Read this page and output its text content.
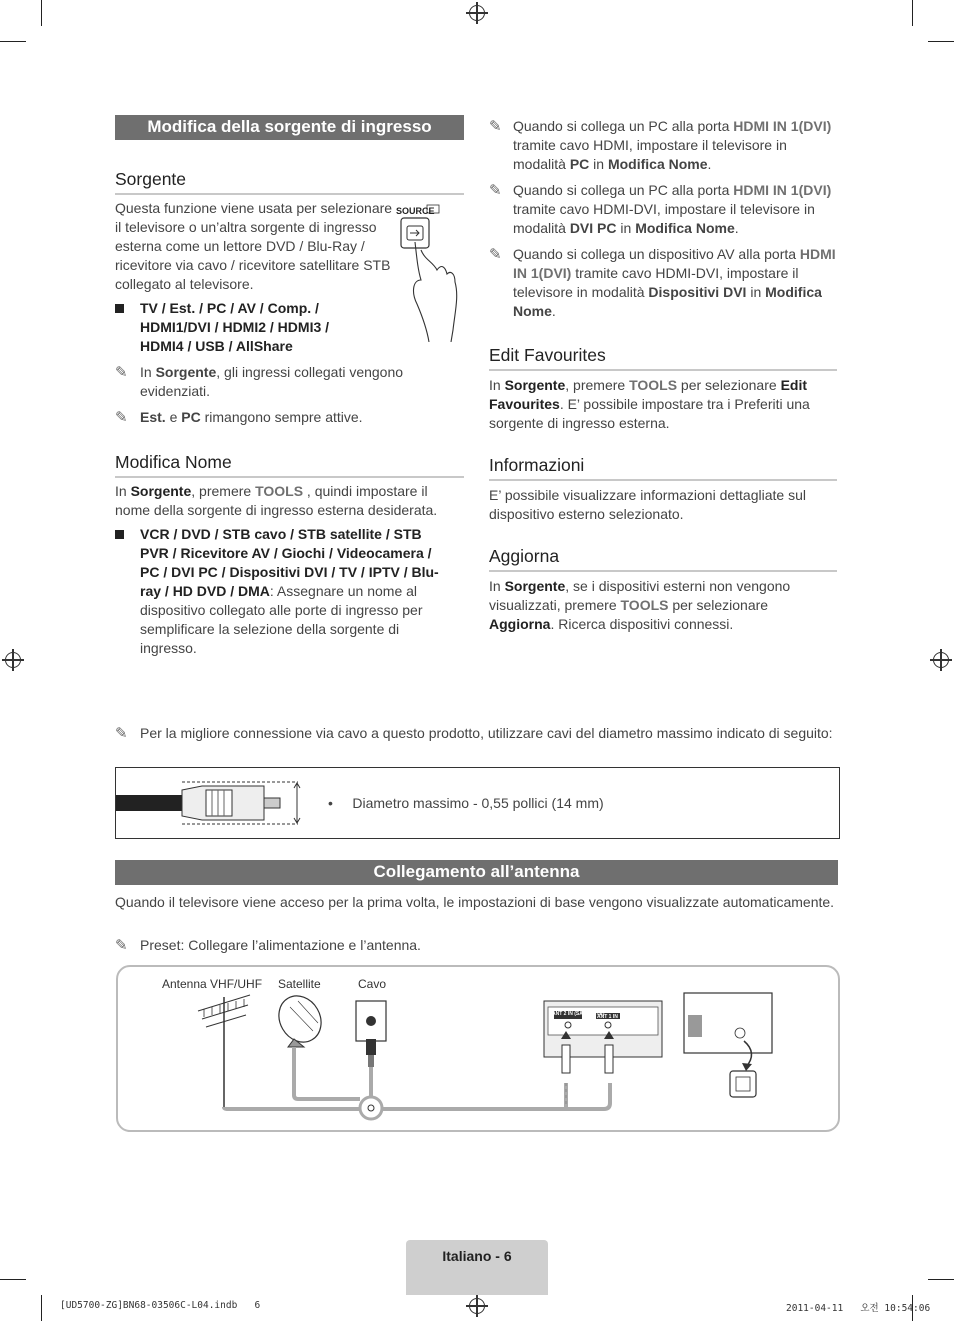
Modifica della sorgente di ingresso
Sorgente
Questa funzione viene usata per selezionare il televisore o un’altra sorgente di ingresso esterna come un lettore DVD / Blu-Ray / ricevitore via cavo / ricevitore satellitare STB collegato al televisore.
SOURCE
TV / Est. / PC / AV / Comp. / HDMI1/DVI / HDMI2 / HDMI3 / HDMI4 / USB / AllShare
✎ In Sorgente, gli ingressi collegati vengono evidenziati.
✎ Est. e PC rimangono sempre attive.
Modifica Nome
In Sorgente, premere TOOLS , quindi impostare il nome della sorgente di ingresso esterna desiderata.
VCR / DVD / STB cavo / STB satellite / STB PVR / Ricevitore AV / Giochi / Videocamera / PC / DVI PC / Dispositivi DVI / TV / IPTV / Blu-ray / HD DVD / DMA: Assegnare un nome al dispositivo collegato alle porte di ingresso per semplificare la selezione della sorgente di ingresso.
✎ Quando si collega un PC alla porta HDMI IN 1(DVI) tramite cavo HDMI, impostare il televisore in modalità PC in Modifica Nome.
✎ Quando si collega un PC alla porta HDMI IN 1(DVI) tramite cavo HDMI-DVI, impostare il televisore in modalità DVI PC in Modifica Nome.
✎ Quando si collega un dispositivo AV alla porta HDMI IN 1(DVI) tramite cavo HDMI-DVI, impostare il televisore in modalità Dispositivi DVI in Modifica Nome.
Edit Favourites
In Sorgente, premere TOOLS per selezionare Edit Favourites. E’ possibile impostare tra i Preferiti una sorgente di ingresso esterna.
Informazioni
E’ possibile visualizzare informazioni dettagliate sul dispositivo esterno selezionato.
Aggiorna
In Sorgente, se i dispositivi esterni non vengono visualizzati, premere TOOLS per selezionare Aggiorna. Ricerca dispositivi connessi.
✎ Per la migliore connessione via cavo a questo prodotto, utilizzare cavi del diametro massimo indicato di seguito:
•     Diametro massimo - 0,55 pollici (14 mm)
Collegamento all’antenna
Quando il televisore viene acceso per la prima volta, le impostazioni di base vengono visualizzate automaticamente.
✎ Preset: Collegare l’alimentazione e l’antenna.
Antenna VHF/UHF Satellite	Cavo
ANT 2 IN (SATELLITE)
ANT 1 IN
Italiano - 6
[UD5700-ZG]BN68-03506C-L04.indb   6	2011-04-11   오전 10:54:06
